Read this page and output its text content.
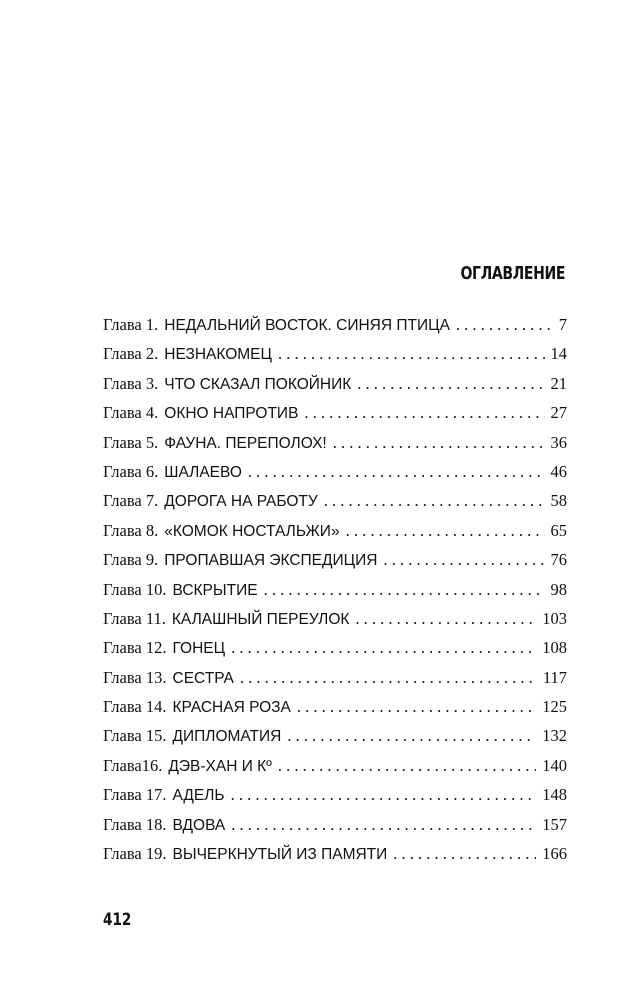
ОГЛАВЛЕНИЕ
Глава 1. НЕДАЛЬНИЙ ВОСТОК. СИНЯЯ ПТИЦА . . .	7
Глава 2. НЕЗНАКОМЕЦ . . .	14
Глава 3. ЧТО СКАЗАЛ ПОКОЙНИК . . .	21
Глава 4. ОКНО НАПРОТИВ . . .	27
Глава 5. ФАУНА. ПЕРЕПОЛОХ! . . .	36
Глава 6. ШАЛАЕВО . . .	46
Глава 7. ДОРОГА НА РАБОТУ . . .	58
Глава 8. «КОМОК НОСТАЛЬЖИ» . . .	65
Глава 9. ПРОПАВШАЯ ЭКСПЕДИЦИЯ . . .	76
Глава 10. ВСКРЫТИЕ . . .	98
Глава 11. КАЛАШНЫЙ ПЕРЕУЛОК . . .	103
Глава 12. ГОНЕЦ . . .	108
Глава 13. СЕСТРА . . .	117
Глава 14. КРАСНАЯ РОЗА . . .	125
Глава 15. ДИПЛОМАТИЯ . . .	132
Глава16. ДЭВ-ХАН И Кº . . .	140
Глава 17. АДЕЛЬ . . .	148
Глава 18. ВДОВА . . .	157
Глава 19. ВЫЧЕРКНУТЫЙ ИЗ ПАМЯТИ . . .	166
412
